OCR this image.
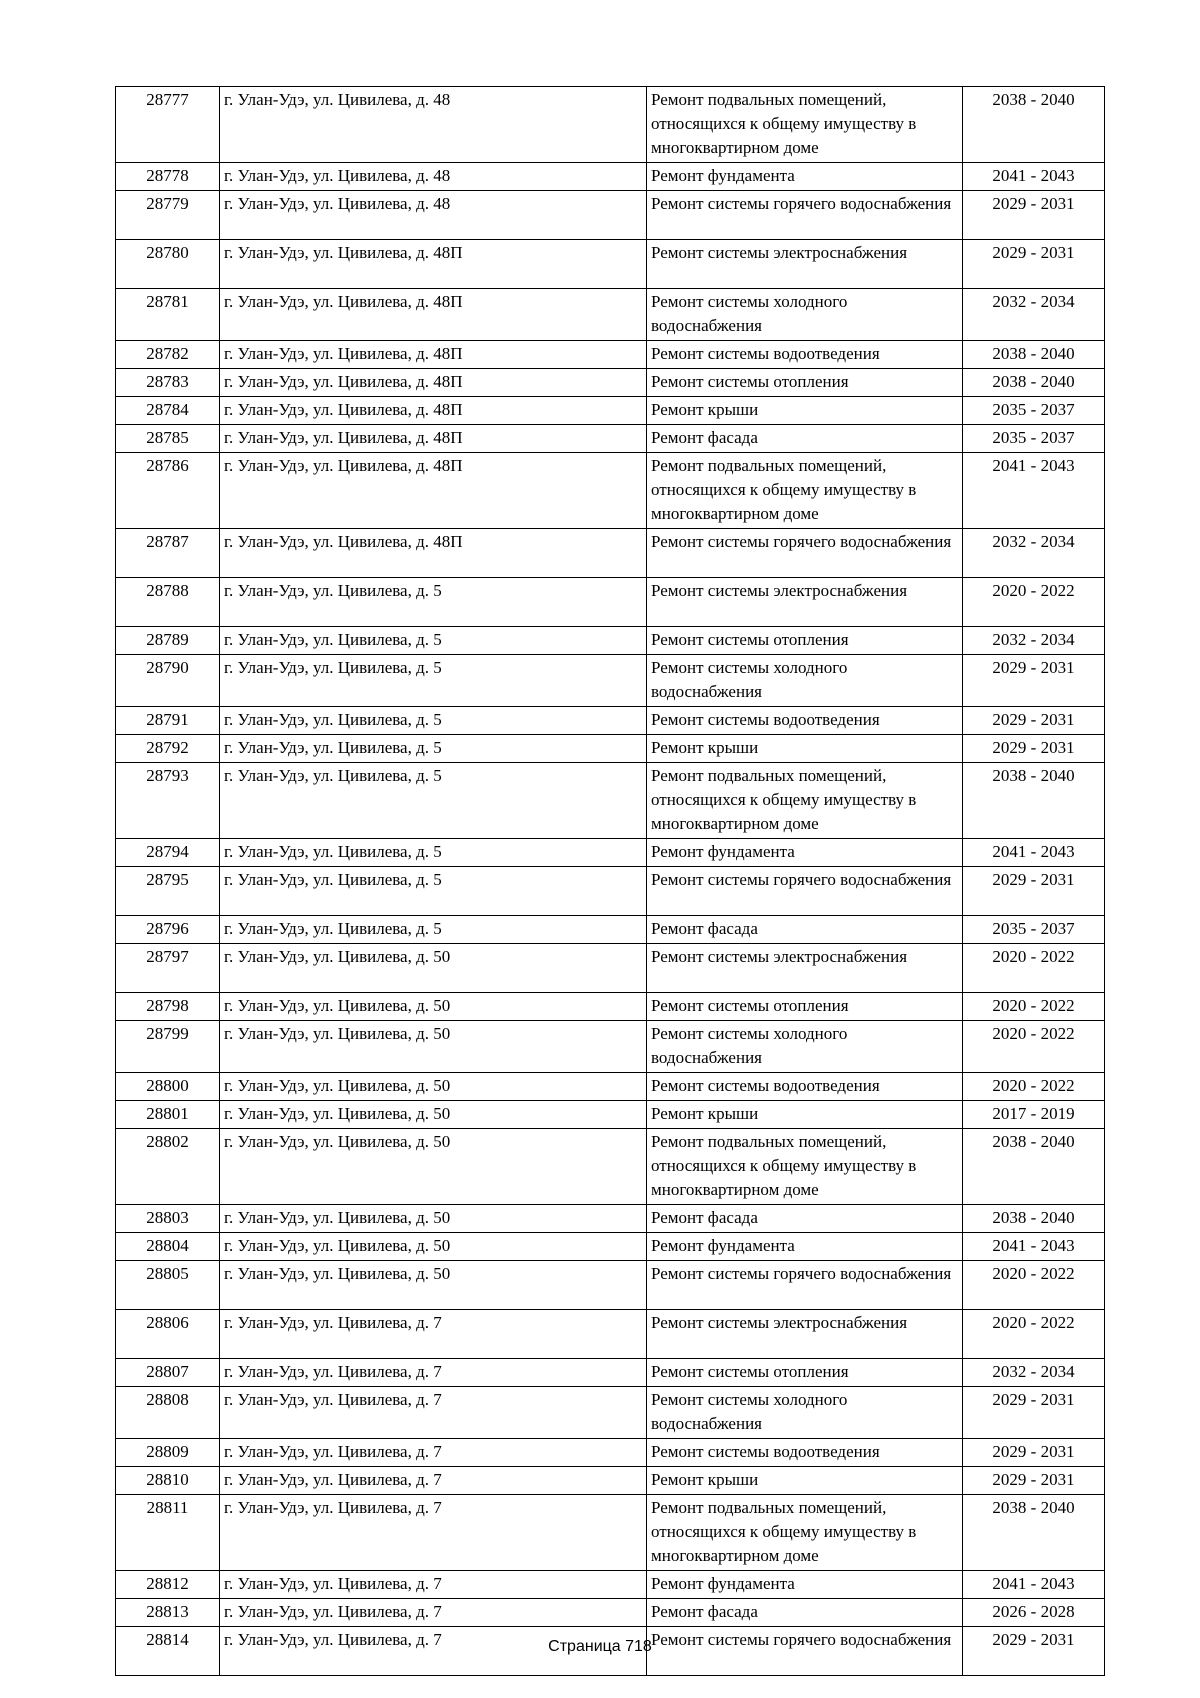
28777	г. Улан-Удэ, ул. Цивилева, д. 48	Ремонт подвальных помещений, относящихся к общему имуществу в многоквартирном доме	2038 - 2040
28778	г. Улан-Удэ, ул. Цивилева, д. 48	Ремонт фундамента	2041 - 2043
28779	г. Улан-Удэ, ул. Цивилева, д. 48	Ремонт системы горячего водоснабжения	2029 - 2031
28780	г. Улан-Удэ, ул. Цивилева, д. 48П	Ремонт системы электроснабжения	2029 - 2031
28781	г. Улан-Удэ, ул. Цивилева, д. 48П	Ремонт системы холодного водоснабжения	2032 - 2034
28782	г. Улан-Удэ, ул. Цивилева, д. 48П	Ремонт системы водоотведения	2038 - 2040
28783	г. Улан-Удэ, ул. Цивилева, д. 48П	Ремонт системы отопления	2038 - 2040
28784	г. Улан-Удэ, ул. Цивилева, д. 48П	Ремонт крыши	2035 - 2037
28785	г. Улан-Удэ, ул. Цивилева, д. 48П	Ремонт фасада	2035 - 2037
28786	г. Улан-Удэ, ул. Цивилева, д. 48П	Ремонт подвальных помещений, относящихся к общему имуществу в многоквартирном доме	2041 - 2043
28787	г. Улан-Удэ, ул. Цивилева, д. 48П	Ремонт системы горячего водоснабжения	2032 - 2034
28788	г. Улан-Удэ, ул. Цивилева, д. 5	Ремонт системы электроснабжения	2020 - 2022
28789	г. Улан-Удэ, ул. Цивилева, д. 5	Ремонт системы отопления	2032 - 2034
28790	г. Улан-Удэ, ул. Цивилева, д. 5	Ремонт системы холодного водоснабжения	2029 - 2031
28791	г. Улан-Удэ, ул. Цивилева, д. 5	Ремонт системы водоотведения	2029 - 2031
28792	г. Улан-Удэ, ул. Цивилева, д. 5	Ремонт крыши	2029 - 2031
28793	г. Улан-Удэ, ул. Цивилева, д. 5	Ремонт подвальных помещений, относящихся к общему имуществу в многоквартирном доме	2038 - 2040
28794	г. Улан-Удэ, ул. Цивилева, д. 5	Ремонт фундамента	2041 - 2043
28795	г. Улан-Удэ, ул. Цивилева, д. 5	Ремонт системы горячего водоснабжения	2029 - 2031
28796	г. Улан-Удэ, ул. Цивилева, д. 5	Ремонт фасада	2035 - 2037
28797	г. Улан-Удэ, ул. Цивилева, д. 50	Ремонт системы электроснабжения	2020 - 2022
28798	г. Улан-Удэ, ул. Цивилева, д. 50	Ремонт системы отопления	2020 - 2022
28799	г. Улан-Удэ, ул. Цивилева, д. 50	Ремонт системы холодного водоснабжения	2020 - 2022
28800	г. Улан-Удэ, ул. Цивилева, д. 50	Ремонт системы водоотведения	2020 - 2022
28801	г. Улан-Удэ, ул. Цивилева, д. 50	Ремонт крыши	2017 - 2019
28802	г. Улан-Удэ, ул. Цивилева, д. 50	Ремонт подвальных помещений, относящихся к общему имуществу в многоквартирном доме	2038 - 2040
28803	г. Улан-Удэ, ул. Цивилева, д. 50	Ремонт фасада	2038 - 2040
28804	г. Улан-Удэ, ул. Цивилева, д. 50	Ремонт фундамента	2041 - 2043
28805	г. Улан-Удэ, ул. Цивилева, д. 50	Ремонт системы горячего водоснабжения	2020 - 2022
28806	г. Улан-Удэ, ул. Цивилева, д. 7	Ремонт системы электроснабжения	2020 - 2022
28807	г. Улан-Удэ, ул. Цивилева, д. 7	Ремонт системы отопления	2032 - 2034
28808	г. Улан-Удэ, ул. Цивилева, д. 7	Ремонт системы холодного водоснабжения	2029 - 2031
28809	г. Улан-Удэ, ул. Цивилева, д. 7	Ремонт системы водоотведения	2029 - 2031
28810	г. Улан-Удэ, ул. Цивилева, д. 7	Ремонт крыши	2029 - 2031
28811	г. Улан-Удэ, ул. Цивилева, д. 7	Ремонт подвальных помещений, относящихся к общему имуществу в многоквартирном доме	2038 - 2040
28812	г. Улан-Удэ, ул. Цивилева, д. 7	Ремонт фундамента	2041 - 2043
28813	г. Улан-Удэ, ул. Цивилева, д. 7	Ремонт фасада	2026 - 2028
28814	г. Улан-Удэ, ул. Цивилева, д. 7	Ремонт системы горячего водоснабжения	2029 - 2031
Страница 718
